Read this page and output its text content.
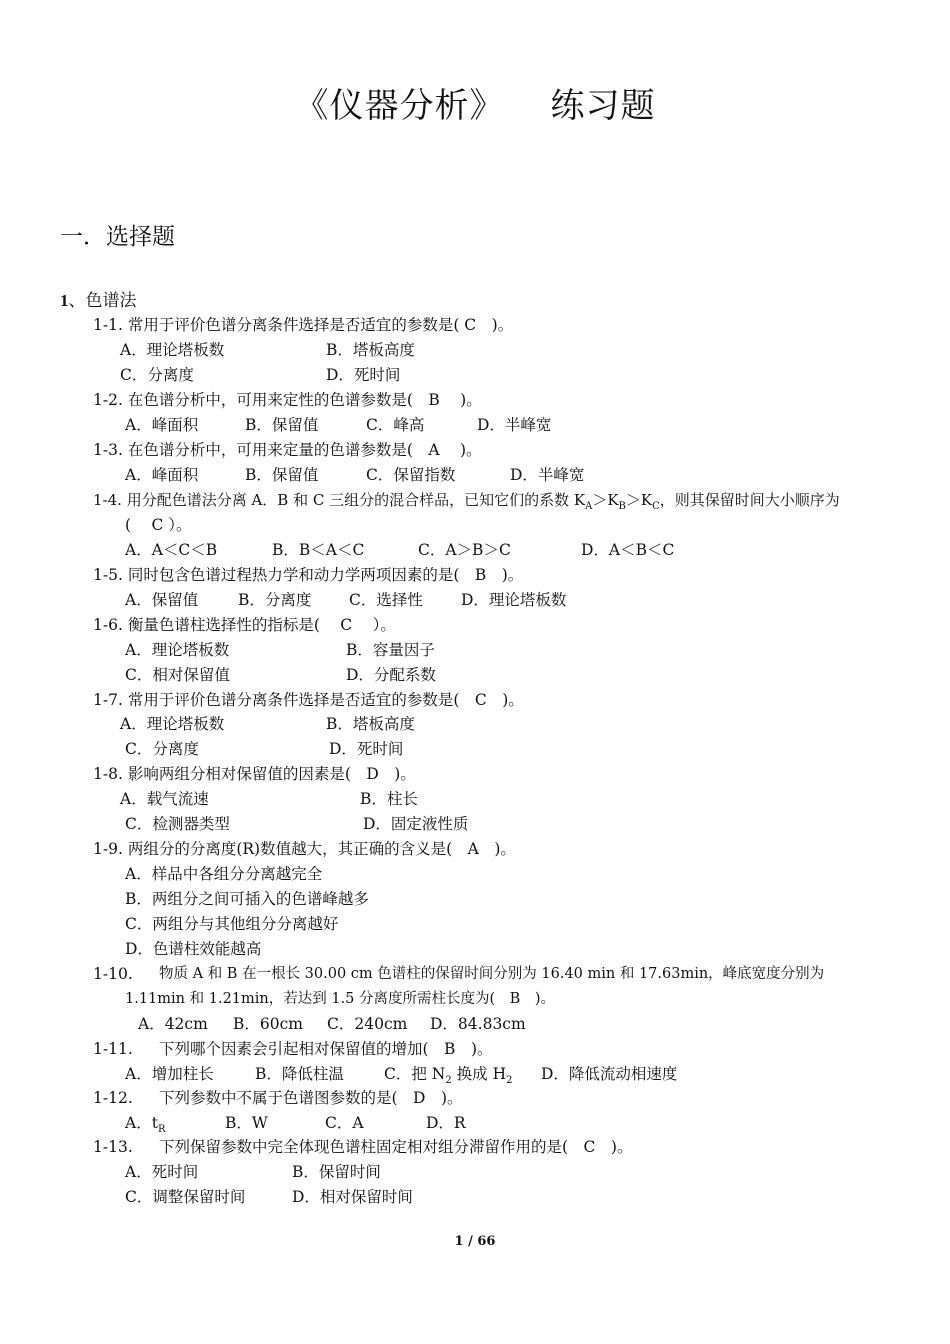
《仪器分析》 练习题
一．选择题
1、色谱法
1-1. 常用于评价色谱分离条件选择是否适宜的参数是( C　)。
A．理论塔板数	B．塔板高度
C．分离度	D．死时间
1-2. 在色谱分析中，可用来定性的色谱参数是(　B　 )。
A．峰面积	B．保留值	C．峰高	D．半峰宽
1-3. 在色谱分析中，可用来定量的色谱参数是(　A　 )。
A．峰面积	B．保留值	C．保留指数	D．半峰宽
1-4. 用分配色谱法分离 A．B 和 C 三组分的混合样品，已知它们的系数 $K_A>K_B>K_C$，则其保留时间大小顺序为
(　 C ）。
A．A＜C＜B	B．B＜A＜C	C．A＞B＞C	D．A＜B＜C
1-5. 同时包含色谱过程热力学和动力学两项因素的是(　B　)。
A．保留值	B．分离度 C．选择性 D．理论塔板数
1-6. 衡量色谱柱选择性的指标是(　 C　 ）。
A．理论塔板数	B．容量因子
C．相对保留值	D．分配系数
1-7. 常用于评价色谱分离条件选择是否适宜的参数是(　C　)。
A．理论塔板数	B．塔板高度
C．分离度	D．死时间
1-8. 影响两组分相对保留值的因素是(　D　)。
A．载气流速	B．柱长
C．检测器类型	D．固定液性质
1-9. 两组分的分离度(R)数值越大，其正确的含义是(　A　)。
A．样品中各组分分离越完全
B．两组分之间可插入的色谱峰越多
C．两组分与其他组分分离越好
D．色谱柱效能越高
1-10. 物质 A 和 B 在一根长 30.00 cm 色谱柱的保留时间分别为 16.40 min 和 17.63min，峰底宽度分别为
1.11min 和 1.21min，若达到 1.5 分离度所需柱长度为(　B　)。
A．42cm B．60cm C．240cm D．84.83cm
1-11. 下列哪个因素会引起相对保留值的增加(　B　)。
A．增加柱长	B．降低柱温	C．把 $N_2$ 换成 $H_2$ D．降低流动相速度
1-12. 下列参数中不属于色谱图参数的是(　D　)。
A．$t_R$	B．W	C．A	D．R
1-13. 下列保留参数中完全体现色谱柱固定相对组分滞留作用的是(　C　)。
A．死时间	B．保留时间
C．调整保留时间	D．相对保留时间
1 / 66
